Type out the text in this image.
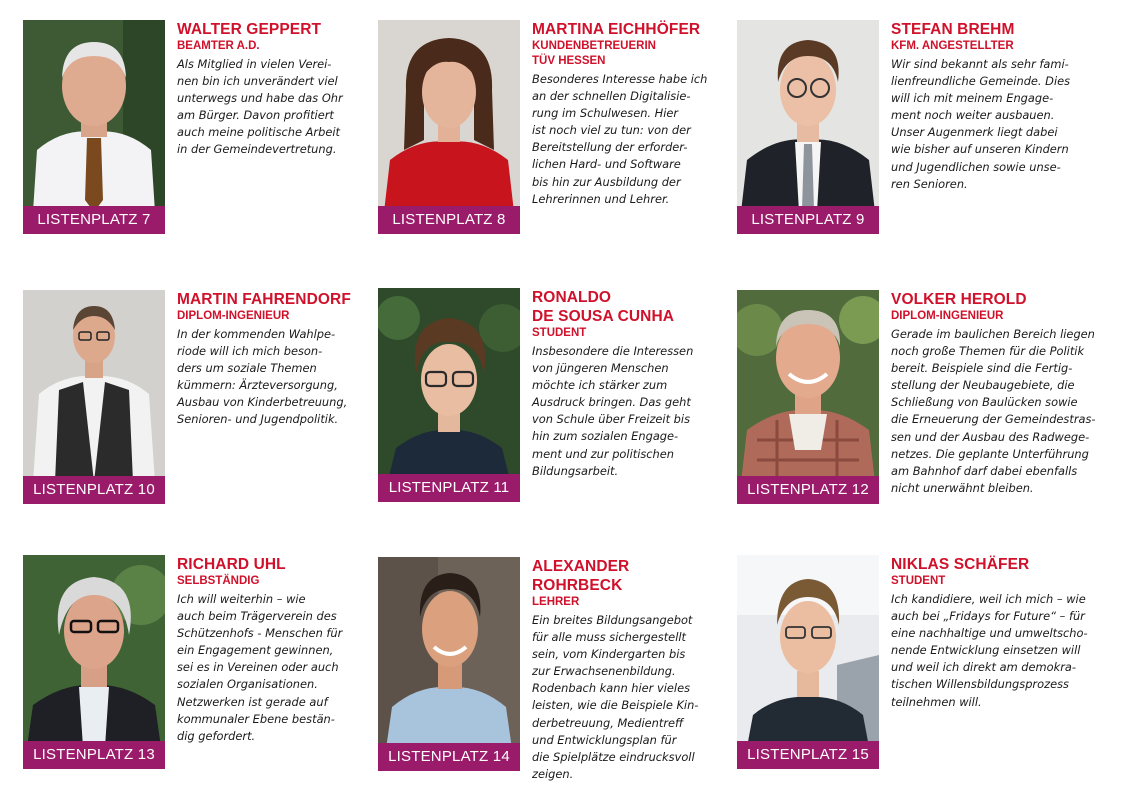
LISTENPLATZ 7

WALTER GEPPERT

BEAMTER A.D.

Als Mitglied in vielen Verei-
nen bin ich unverändert viel
unterwegs und habe das Ohr
am Bürger. Davon profitiert
auch meine politische Arbeit
in der Gemeindevertretung.

LISTENPLATZ 8

MARTINA EICHHÖFER

KUNDENBETREUERIN

TÜV HESSEN

Besonderes Interesse habe ich
an der schnellen Digitalisie-
rung im Schulwesen. Hier
ist noch viel zu tun: von der
Bereitstellung der erforder-
lichen Hard- und Software
bis hin zur Ausbildung der
Lehrerinnen und Lehrer.

LISTENPLATZ 9

STEFAN BREHM

KFM. ANGESTELLTER

Wir sind bekannt als sehr fami-
lienfreundliche Gemeinde. Dies
will ich mit meinem Engage-
ment noch weiter ausbauen.
Unser Augenmerk liegt dabei
wie bisher auf unseren Kindern
und Jugendlichen sowie unse-
ren Senioren.

LISTENPLATZ 10

MARTIN FAHRENDORF

DIPLOM-INGENIEUR

In der kommenden Wahlpe-
riode will ich mich beson-
ders um soziale Themen
kümmern: Ärzteversorgung,
Ausbau von Kinderbetreuung,
Senioren- und Jugendpolitik.

LISTENPLATZ 11

RONALDO

DE SOUSA CUNHA

STUDENT

Insbesondere die Interessen
von jüngeren Menschen
möchte ich stärker zum
Ausdruck bringen. Das geht
von Schule über Freizeit bis
hin zum sozialen Engage-
ment und zur politischen
Bildungsarbeit.

LISTENPLATZ 12

VOLKER HEROLD

DIPLOM-INGENIEUR

Gerade im baulichen Bereich liegen
noch große Themen für die Politik
bereit. Beispiele sind die Fertig-
stellung der Neubaugebiete, die
Schließung von Baulücken sowie
die Erneuerung der Gemeindestras-
sen und der Ausbau des Radwege-
netzes. Die geplante Unterführung
am Bahnhof darf dabei ebenfalls
nicht unerwähnt bleiben.

LISTENPLATZ 13

RICHARD UHL

SELBSTÄNDIG

Ich will weiterhin – wie
auch beim Trägerverein des
Schützenhofs - Menschen für
ein Engagement gewinnen,
sei es in Vereinen oder auch
sozialen Organisationen.
Netzwerken ist gerade auf
kommunaler Ebene bestän-
dig gefordert.

LISTENPLATZ 14

ALEXANDER ROHRBECK

LEHRER

Ein breites Bildungsangebot
für alle muss sichergestellt
sein, vom Kindergarten bis
zur Erwachsenenbildung.
Rodenbach kann hier vieles
leisten, wie die Beispiele Kin-
derbetreuung, Medientreff
und Entwicklungsplan für
die Spielplätze eindrucksvoll
zeigen.

LISTENPLATZ 15

NIKLAS SCHÄFER

STUDENT

Ich kandidiere, weil ich mich – wie
auch bei „Fridays for Future“ – für
eine nachhaltige und umweltscho-
nende Entwicklung einsetzen will
und weil ich direkt am demokra-
tischen Willensbildungsprozess
teilnehmen will.
